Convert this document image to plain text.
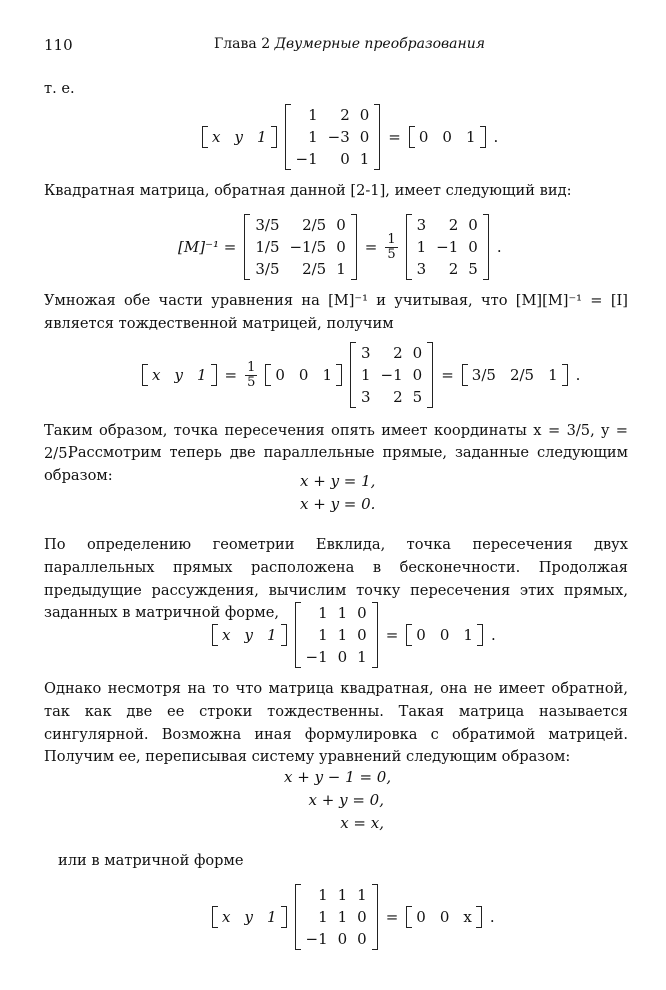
110	Глава 2 Двумерные преобразования
т. е.
x y 1
1	2	0
1	−3	0
−1	0	1
= 0 0 1 .
Квадратная матрица, обратная данной [2-1], имеет следующий вид:
[M]⁻¹ =
3/5	2/5	0
1/5	−1/5	0
3/5	2/5	1
= $\frac{1}{5}$
3	2	0
1	−1	0
3	2	5
.
Умножая обе части уравнения на [M]⁻¹ и учитывая, что [M][M]⁻¹ = [I] является тождественной матрицей, получим
x y $1 = \frac{1}{5} 0$ 0 1
3	2	0
1	−1	0
3	2	5
= 3/5 2/5 1 .
Таким образом, точка пересечения опять имеет координаты x = 3/5, y = 2/5.
Рассмотрим теперь две параллельные прямые, заданные следующим образом:	x + y = 1,
x + y = 0.
По определению геометрии Евклида, точка пересечения двух параллельных прямых расположена в бесконечности. Продолжая предыдущие рассуждения, вычислим точку пересечения этих прямых, заданных в матричной форме,
x y 1
1	1	0
1	1	0
−1	0	1
= 0 0 1 .
Однако несмотря на то что матрица квадратная, она не имеет обратной, так как две ее строки тождественны. Такая матрица называется сингулярной. Возможна иная формулировка с обратимой матрицей. Получим ее, переписывая систему уравнений следующим образом:
x + y − 1 = 0,
x + y = 0,
x = x,
или в матричной форме
x y 1
1	1	1
1	1	0
−1	0	0
= 0 0 x .
